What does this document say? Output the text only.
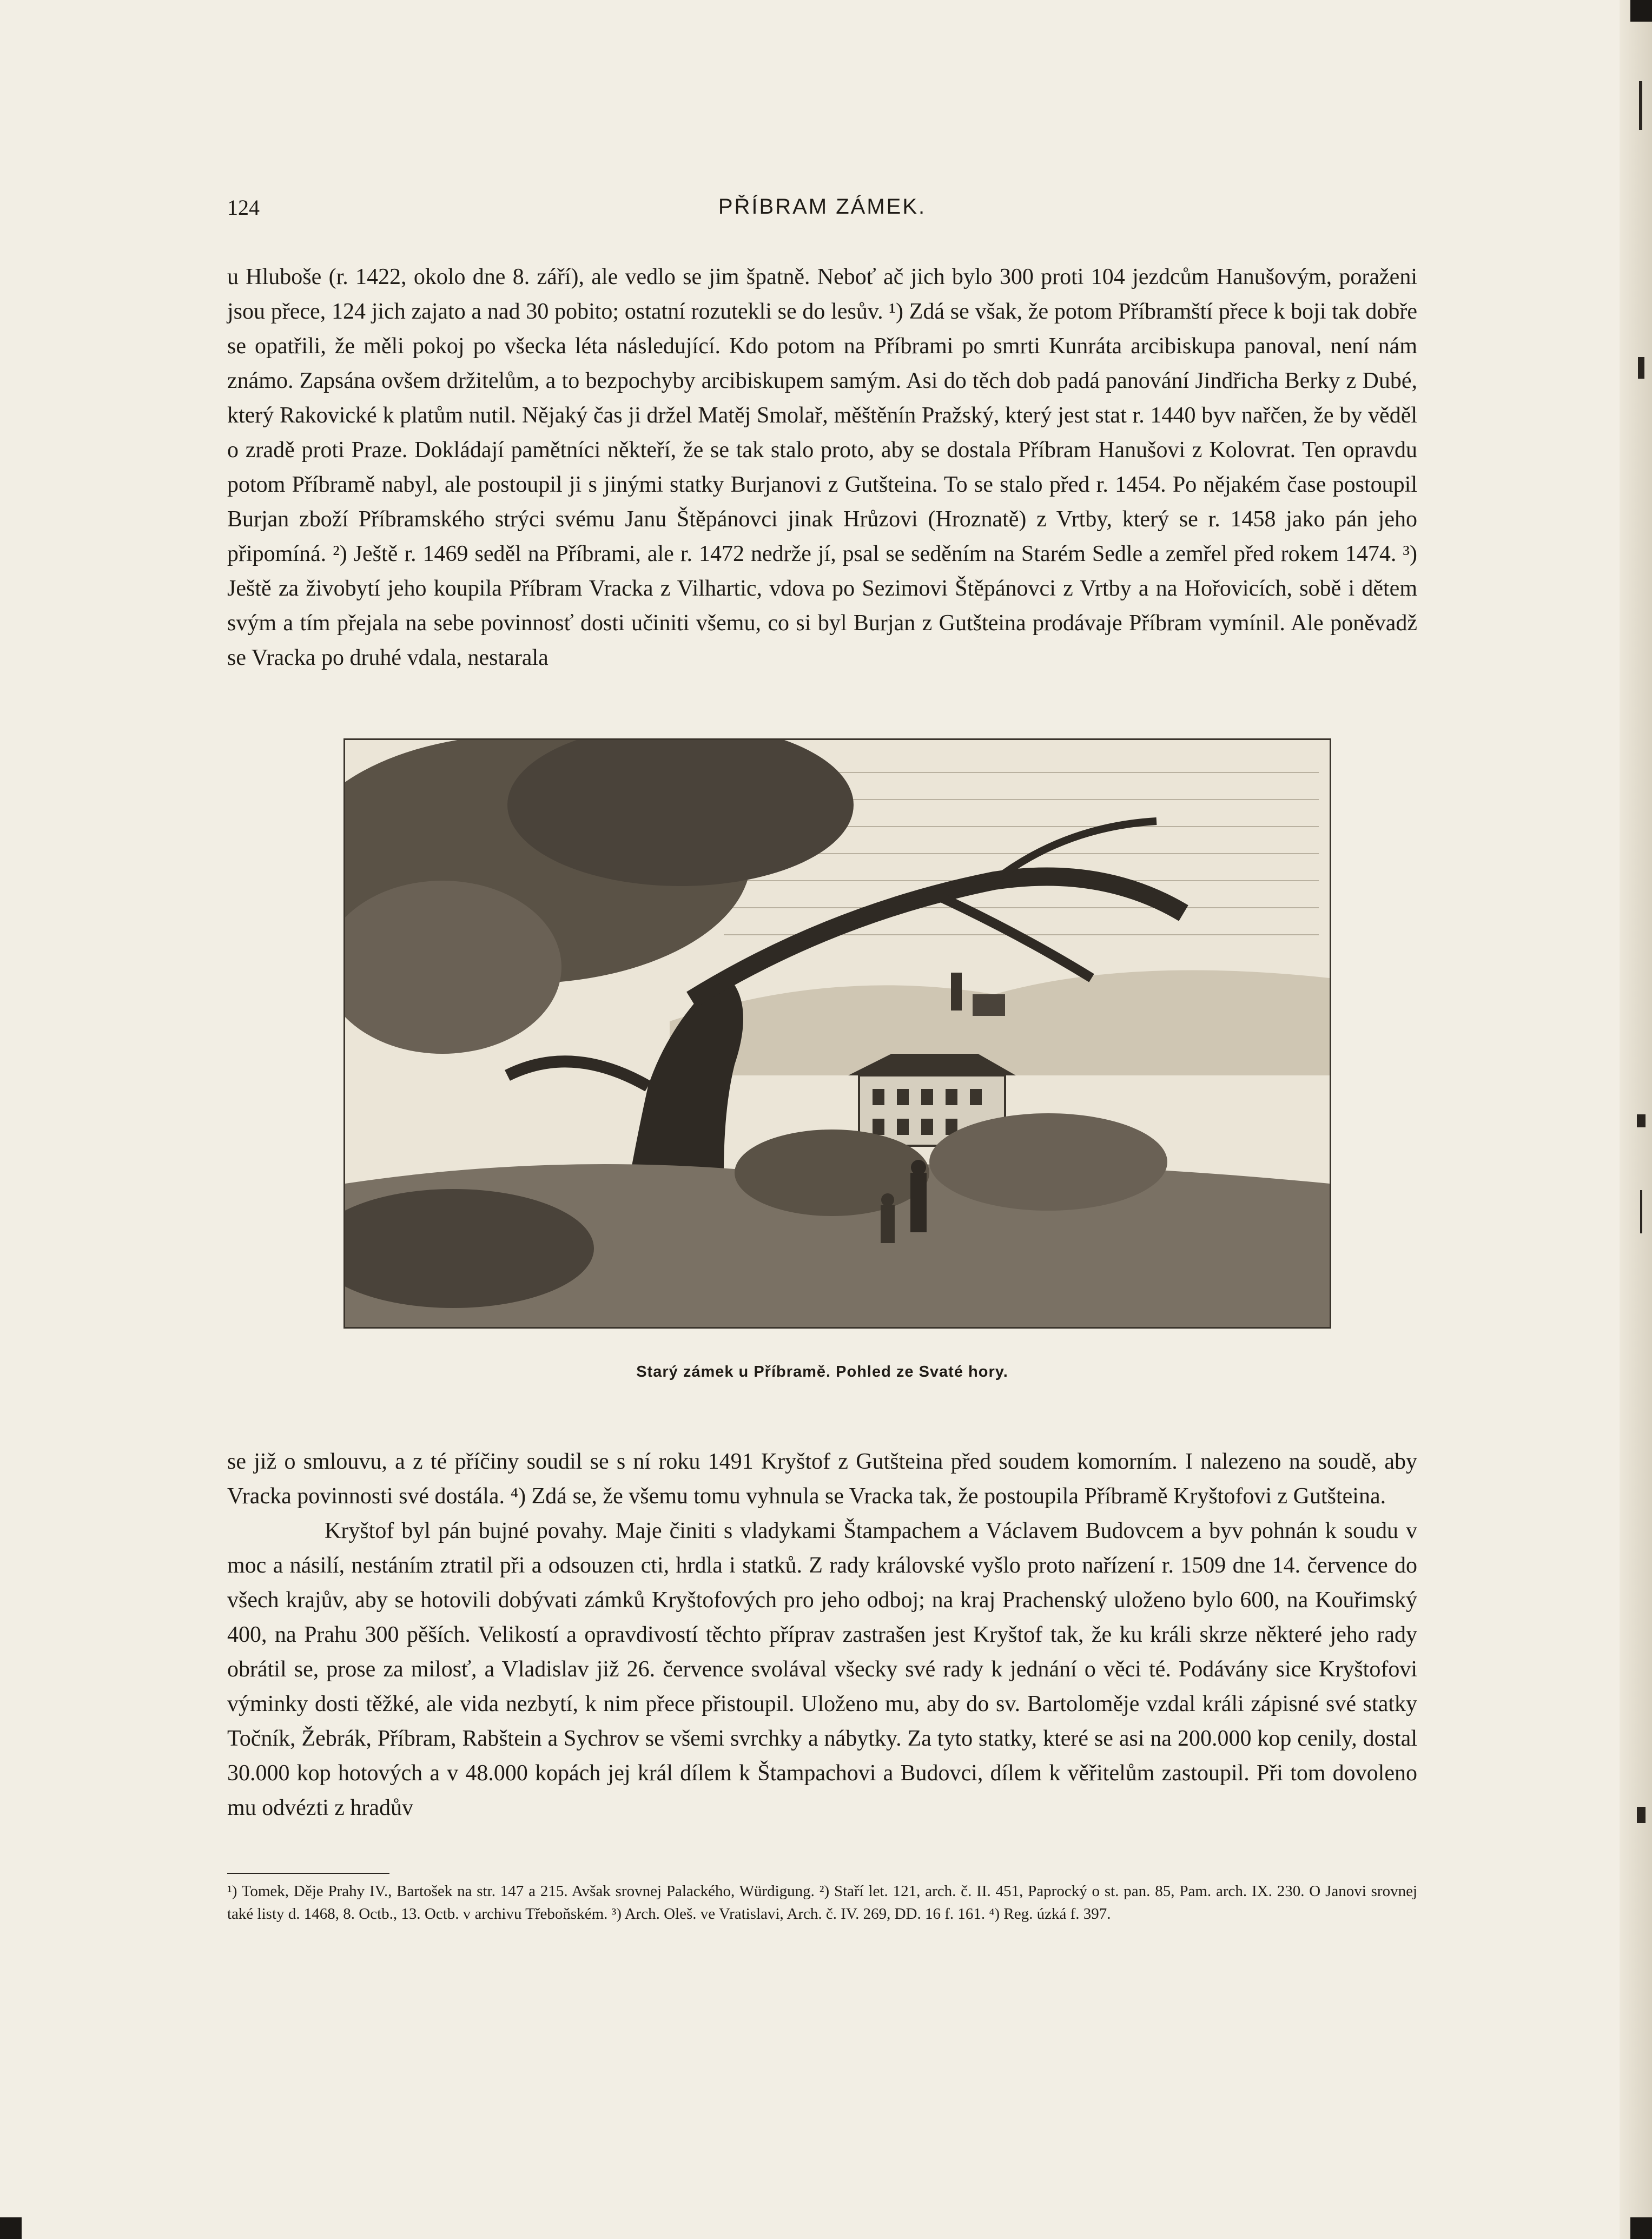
124	PŘÍBRAM ZÁMEK.

u Hluboše (r. 1422, okolo dne 8. září), ale vedlo se jim špatně. Neboť ač jich bylo 300 proti 104 jezdcům Hanušovým, poraženi jsou přece, 124 jich zajato a nad 30 pobito; ostatní rozutekli se do lesův. ¹) Zdá se však, že potom Příbramští přece k boji tak dobře se opatřili, že měli pokoj po všecka léta následující. Kdo potom na Příbrami po smrti Kunráta arcibiskupa panoval, není nám známo. Zapsána ovšem držitelům, a to bezpochyby arcibiskupem samým. Asi do těch dob padá panování Jindřicha Berky z Dubé, který Rakovické k platům nutil. Nějaký čas ji držel Matěj Smolař, měštěnín Pražský, který jest stat r. 1440 byv nařčen, že by věděl o zradě proti Praze. Dokládají pamětníci někteří, že se tak stalo proto, aby se dostala Příbram Hanušovi z Kolovrat. Ten opravdu potom Příbramě nabyl, ale postoupil ji s jinými statky Burjanovi z Gutšteina. To se stalo před r. 1454. Po nějakém čase postoupil Burjan zboží Příbramského strýci svému Janu Štěpánovci jinak Hrůzovi (Hroznatě) z Vrtby, který se r. 1458 jako pán jeho připomíná. ²) Ještě r. 1469 seděl na Příbrami, ale r. 1472 nedrže jí, psal se seděním na Starém Sedle a zemřel před rokem 1474. ³) Ještě za živobytí jeho koupila Příbram Vracka z Vilhartic, vdova po Sezimovi Štěpánovci z Vrtby a na Hořovicích, sobě i dětem svým a tím přejala na sebe povinnosť dosti učiniti všemu, co si byl Burjan z Gutšteina prodávaje Příbram vymínil. Ale poněvadž se Vracka po druhé vdala, nestarala

Starý zámek u Příbramě. Pohled ze Svaté hory.

se již o smlouvu, a z té příčiny soudil se s ní roku 1491 Kryštof z Gutšteina před soudem komorním. I nalezeno na soudě, aby Vracka povinnosti své dostála. ⁴) Zdá se, že všemu tomu vyhnula se Vracka tak, že postoupila Příbramě Kryštofovi z Gutšteina.

Kryštof byl pán bujné povahy. Maje činiti s vladykami Štampachem a Václavem Budovcem a byv pohnán k soudu v moc a násilí, nestáním ztratil při a odsouzen cti, hrdla i statků. Z rady královské vyšlo proto nařízení r. 1509 dne 14. července do všech krajův, aby se hotovili dobývati zámků Kryštofových pro jeho odboj; na kraj Prachenský uloženo bylo 600, na Kouřimský 400, na Prahu 300 pěších. Velikostí a opravdivostí těchto příprav zastrašen jest Kryštof tak, že ku králi skrze některé jeho rady obrátil se, prose za milosť, a Vladislav již 26. července svolával všecky své rady k jednání o věci té. Podávány sice Kryštofovi výminky dosti těžké, ale vida nezbytí, k nim přece přistoupil. Uloženo mu, aby do sv. Bartoloměje vzdal králi zápisné své statky Točník, Žebrák, Příbram, Rabštein a Sychrov se všemi svrchky a nábytky. Za tyto statky, které se asi na 200.000 kop cenily, dostal 30.000 kop hotových a v 48.000 kopách jej král dílem k Štampachovi a Budovci, dílem k věřitelům zastoupil. Při tom dovoleno mu odvézti z hradův

¹) Tomek, Děje Prahy IV., Bartošek na str. 147 a 215. Avšak srovnej Palackého, Würdigung. ²) Staří let. 121, arch. č. II. 451, Paprocký o st. pan. 85, Pam. arch. IX. 230. O Janovi srovnej také listy d. 1468, 8. Octb., 13. Octb. v archivu Třeboňském. ³) Arch. Oleš. ve Vratislavi, Arch. č. IV. 269, DD. 16 f. 161. ⁴) Reg. úzká f. 397.
